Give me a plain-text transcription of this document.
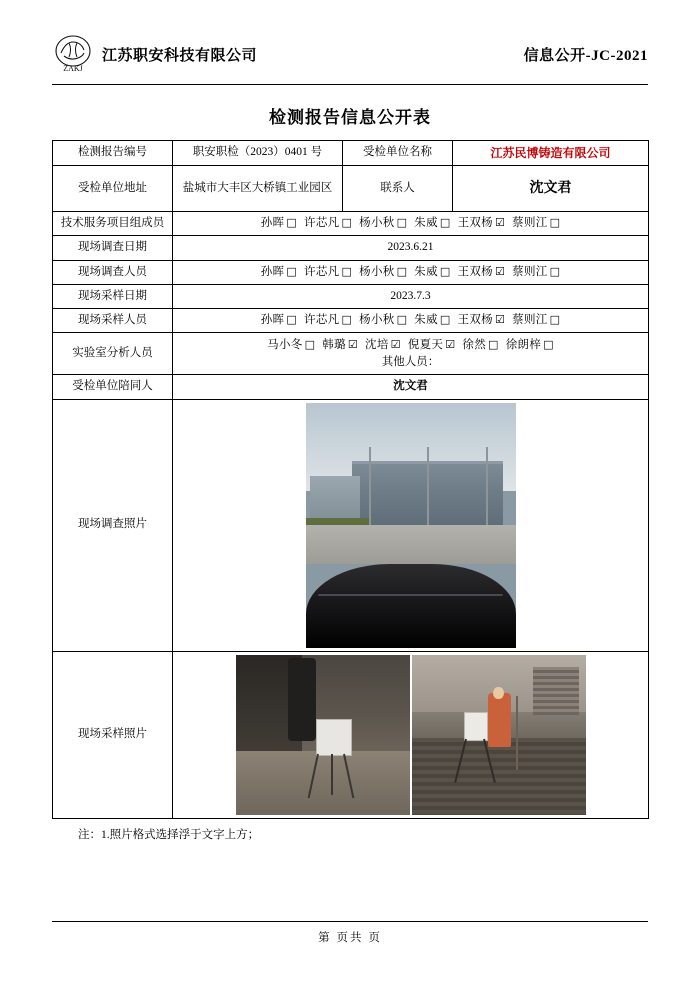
ZAKJ
江苏职安科技有限公司	信息公开-JC-2021
检测报告信息公开表
检测报告编号	职安职检（2023）0401 号	受检单位名称	江苏民博铸造有限公司
受检单位地址	盐城市大丰区大桥镇工业园区	联系人	沈文君
技术服务项目组成员	孙晖 □ 许芯凡 □ 杨小秋 □ 朱威 □ 王双杨 ☑ 蔡则江 □		
现场调查日期	2023.6.21		
现场调查人员	孙晖 □ 许芯凡 □ 杨小秋 □ 朱威 □ 王双杨 ☑ 蔡则江 □		
现场采样日期	2023.7.3		
现场采样人员	孙晖 □ 许芯凡 □ 杨小秋 □ 朱威 □ 王双杨 ☑ 蔡则江 □		
实验室分析人员	马小冬 □ 韩璐 ☑ 沈培 ☑ 倪夏天 ☑ 徐然 □ 徐朗梓 □
其他人员：		

受检单位陪同人	沈文君		
现场调查照片			

现场采样照片			
注：1.照片格式选择浮于文字上方；
第 页共 页
